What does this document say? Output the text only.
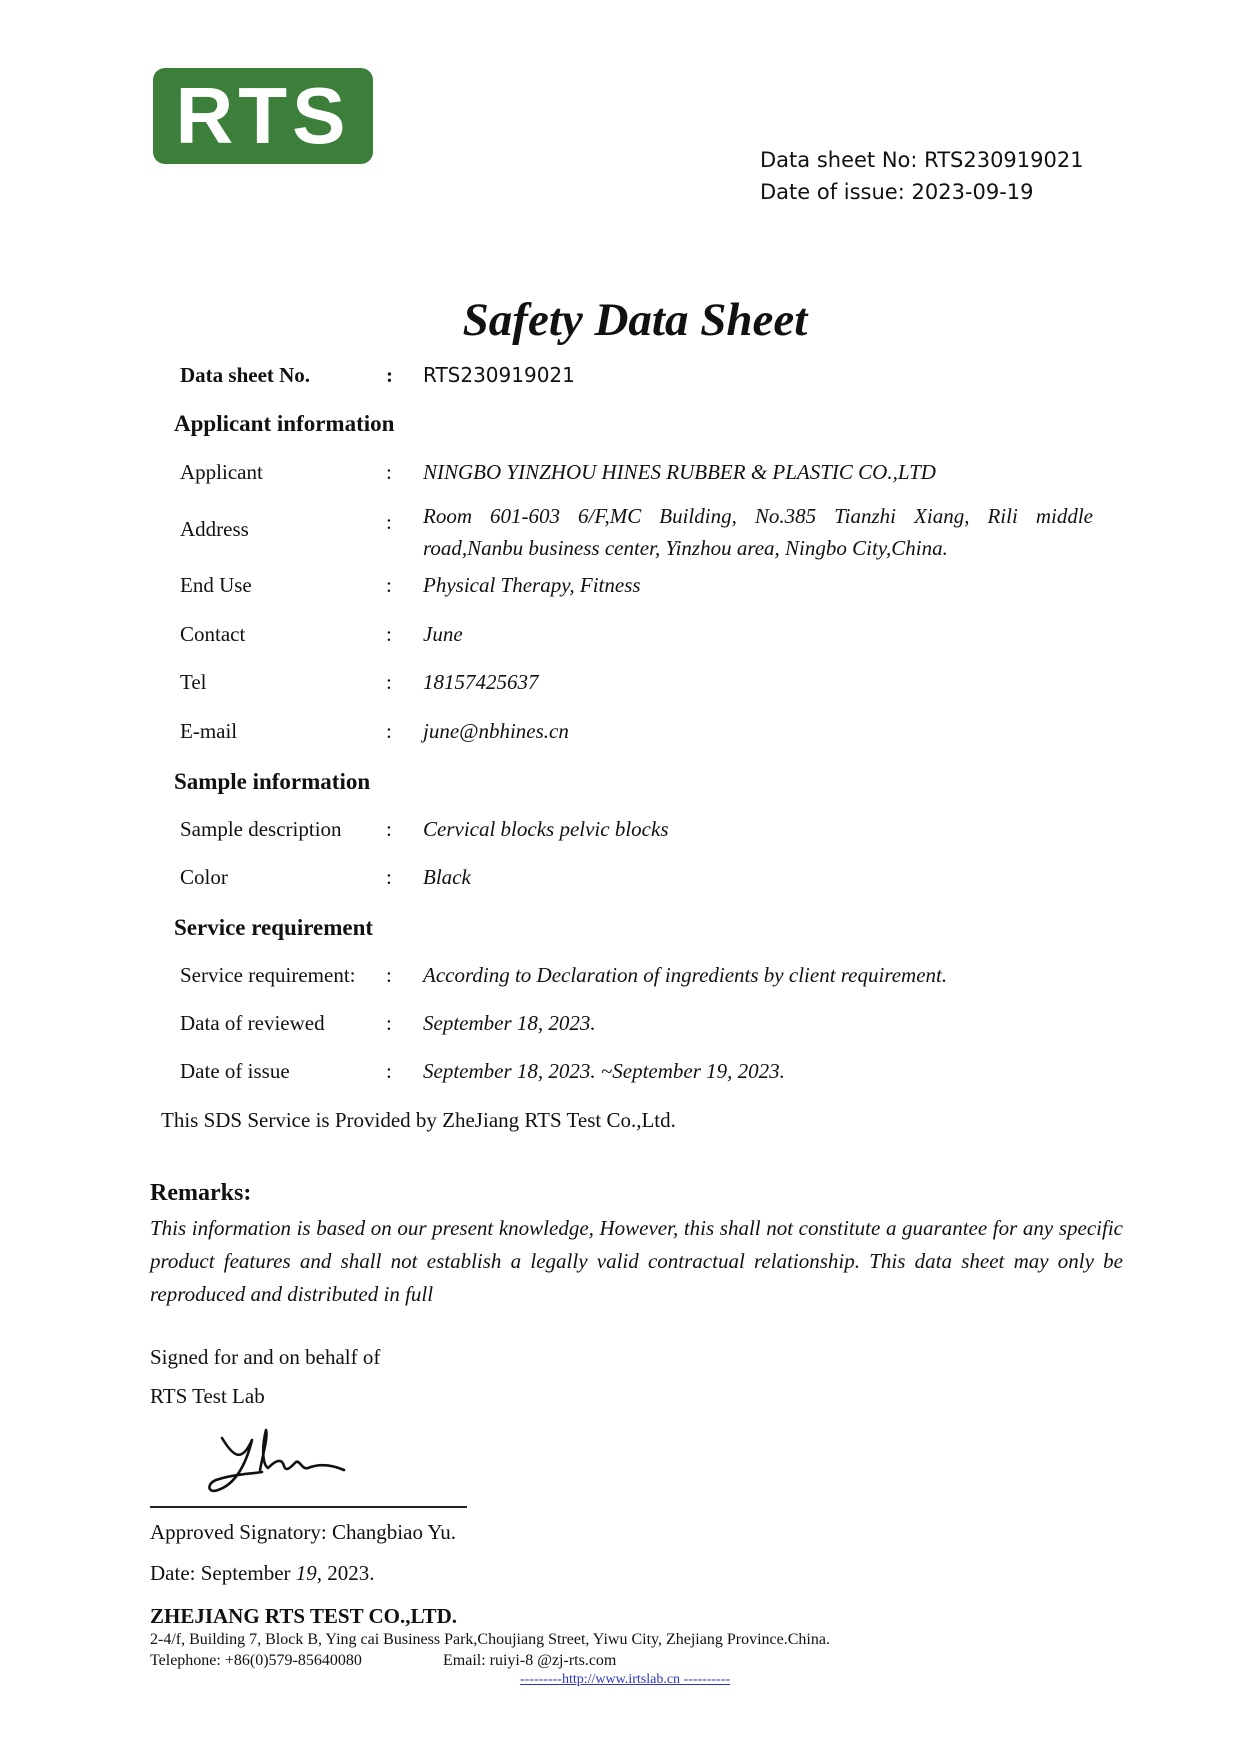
RTS	Data sheet No: RTS230919021
Date of issue: 2023-09-19
Safety Data Sheet
Data sheet No.	: RTS230919021
Applicant information
Applicant	: NINGBO YINZHOU HINES RUBBER & PLASTIC CO.,LTD
Address	: Room 601-603 6/F,MC Building, No.385 Tianzhi Xiang, Rili middle road,Nanbu business center, Yinzhou area, Ningbo City,China.
End Use	: Physical Therapy, Fitness
Contact	: June
Tel	: 18157425637
E-mail	: june@nbhines.cn
Sample information
Sample description : Cervical blocks pelvic blocks
Color	: Black
Service requirement
Service requirement: : According to Declaration of ingredients by client requirement.
Data of reviewed	: September 18, 2023.
Date of issue	: September 18, 2023. ~September 19, 2023.
This SDS Service is Provided by ZheJiang RTS Test Co.,Ltd.
Remarks:
This information is based on our present knowledge, However, this shall not constitute a guarantee for any specific product features and shall not establish a legally valid contractual relationship. This data sheet may only be reproduced and distributed in full
Signed for and on behalf of
RTS Test Lab
Approved Signatory: Changbiao Yu.
Date: September 19, 2023.
ZHEJIANG RTS TEST CO.,LTD.
2-4/f, Building 7, Block B, Ying cai Business Park,Choujiang Street, Yiwu City, Zhejiang Province.China.
Telephone: +86(0)579-85640080	Email: ruiyi-8 @zj-rts.com
---------http://www.irtslab.cn ----------
